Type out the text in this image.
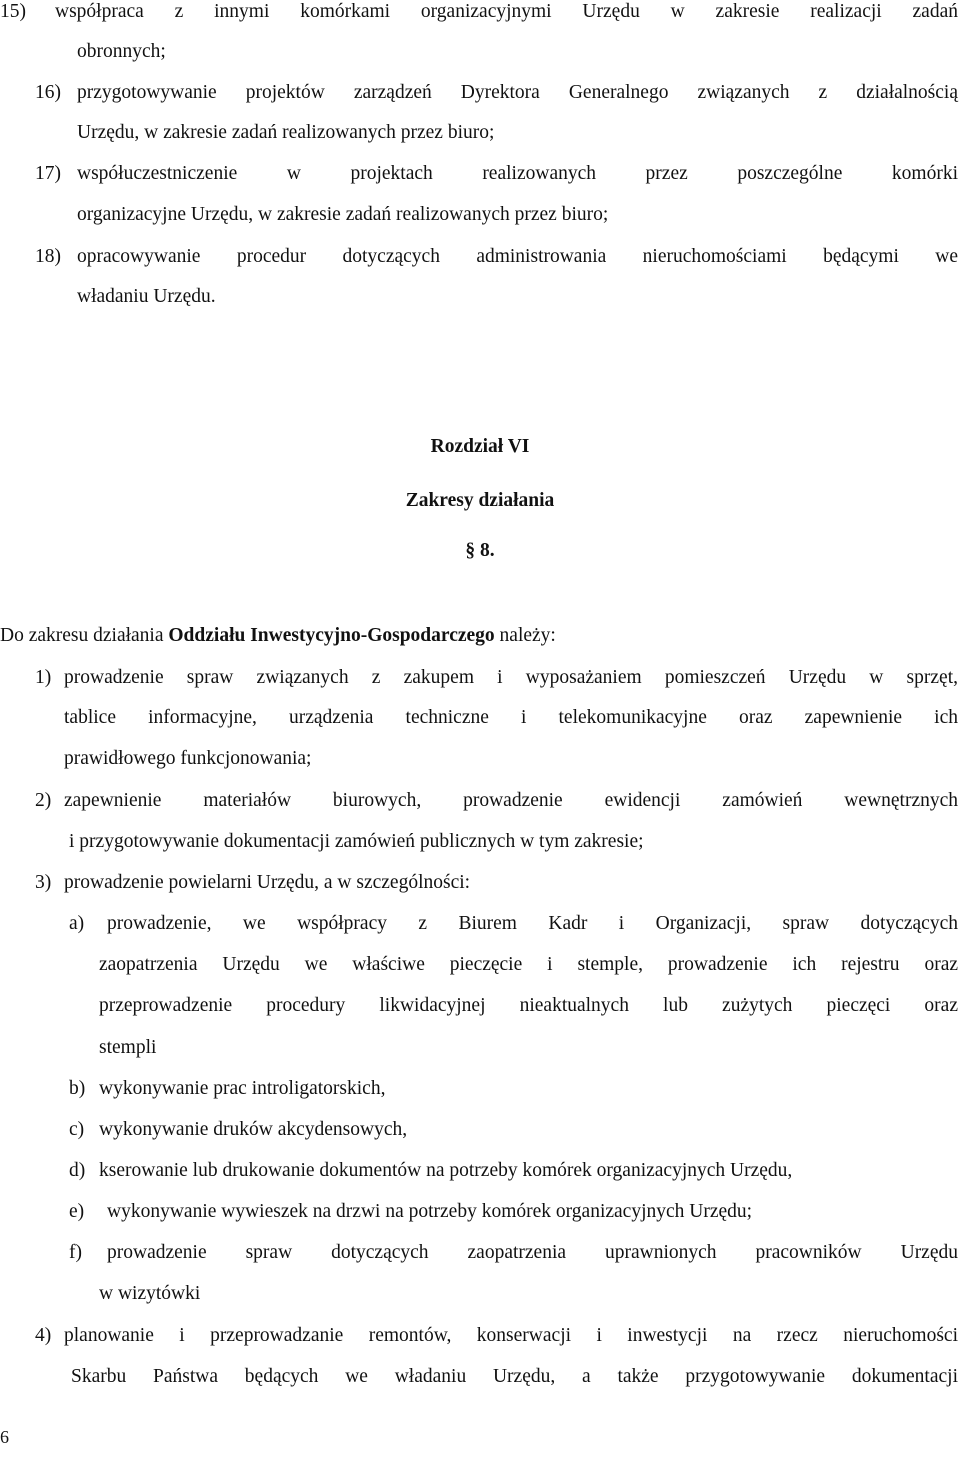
15) współpraca z innymi komórkami organizacyjnymi Urzędu w zakresie realizacji zadań
obronnych;
16) przygotowywanie projektów zarządzeń Dyrektora Generalnego związanych z działalnością
Urzędu, w zakresie zadań realizowanych przez biuro;
17) współuczestniczenie w projektach realizowanych przez poszczególne komórki
organizacyjne Urzędu, w zakresie zadań realizowanych przez biuro;
18) opracowywanie procedur dotyczących administrowania nieruchomościami będącymi we
władaniu Urzędu.
Rozdział VI
Zakresy działania
§ 8.
Do zakresu działania Oddziału Inwestycyjno-Gospodarczego należy:
1) prowadzenie spraw związanych z zakupem i wyposażaniem pomieszczeń Urzędu w sprzęt,
tablice informacyjne, urządzenia techniczne i telekomunikacyjne oraz zapewnienie ich
prawidłowego funkcjonowania;
2) zapewnienie materiałów biurowych, prowadzenie ewidencji zamówień wewnętrznych
i przygotowywanie dokumentacji zamówień publicznych w tym zakresie;
3) prowadzenie powielarni Urzędu, a w szczególności:
a) prowadzenie, we współpracy z Biurem Kadr i Organizacji, spraw dotyczących
zaopatrzenia Urzędu we właściwe pieczęcie i stemple, prowadzenie ich rejestru oraz
przeprowadzenie procedury likwidacyjnej nieaktualnych lub zużytych pieczęci oraz
stempli
b) wykonywanie prac introligatorskich,
c) wykonywanie druków akcydensowych,
d) kserowanie lub drukowanie dokumentów na potrzeby komórek organizacyjnych Urzędu,
e) wykonywanie wywieszek na drzwi na potrzeby komórek organizacyjnych Urzędu;
f) prowadzenie spraw dotyczących zaopatrzenia uprawnionych pracowników Urzędu
w wizytówki
4) planowanie i przeprowadzanie remontów, konserwacji i inwestycji na rzecz nieruchomości
Skarbu Państwa będących we władaniu Urzędu, a także przygotowywanie dokumentacji
6
